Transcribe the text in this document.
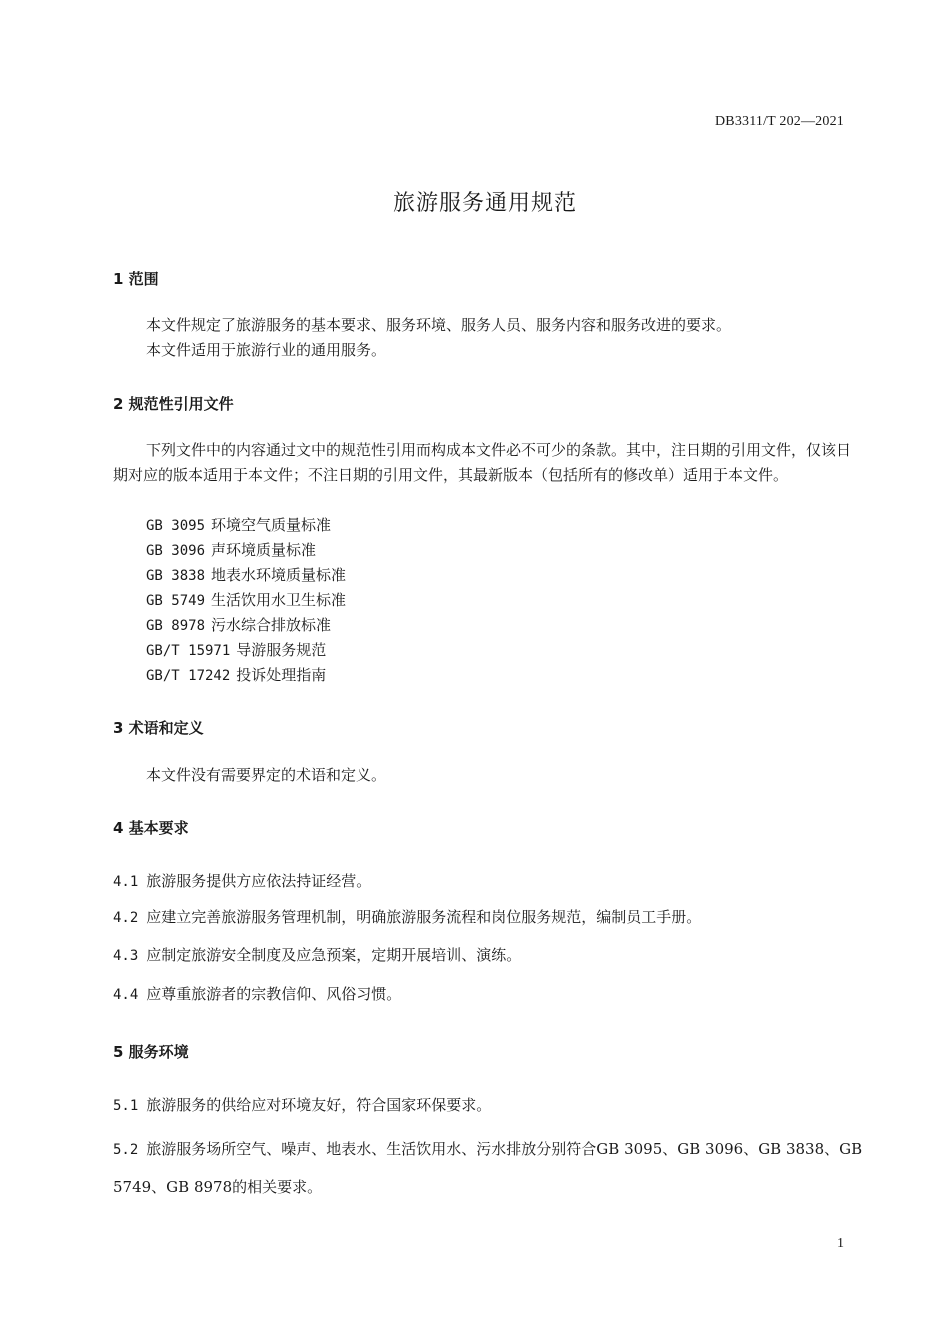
DB3311/T 202—2021
旅游服务通用规范
1 范围
本文件规定了旅游服务的基本要求、服务环境、服务人员、服务内容和服务改进的要求。
本文件适用于旅游行业的通用服务。
2 规范性引用文件
下列文件中的内容通过文中的规范性引用而构成本文件必不可少的条款。其中，注日期的引用文件，仅该日期对应的版本适用于本文件；不注日期的引用文件，其最新版本（包括所有的修改单）适用于本文件。
GB 3095 环境空气质量标准
GB 3096 声环境质量标准
GB 3838 地表水环境质量标准
GB 5749 生活饮用水卫生标准
GB 8978 污水综合排放标准
GB/T 15971 导游服务规范
GB/T 17242 投诉处理指南
3 术语和定义
本文件没有需要界定的术语和定义。
4 基本要求
4.1 旅游服务提供方应依法持证经营。
4.2 应建立完善旅游服务管理机制，明确旅游服务流程和岗位服务规范，编制员工手册。
4.3 应制定旅游安全制度及应急预案，定期开展培训、演练。
4.4 应尊重旅游者的宗教信仰、风俗习惯。
5 服务环境
5.1 旅游服务的供给应对环境友好，符合国家环保要求。
5.2 旅游服务场所空气、噪声、地表水、生活饮用水、污水排放分别符合GB 3095、GB 3096、GB 3838、GB 5749、GB 8978的相关要求。
1
